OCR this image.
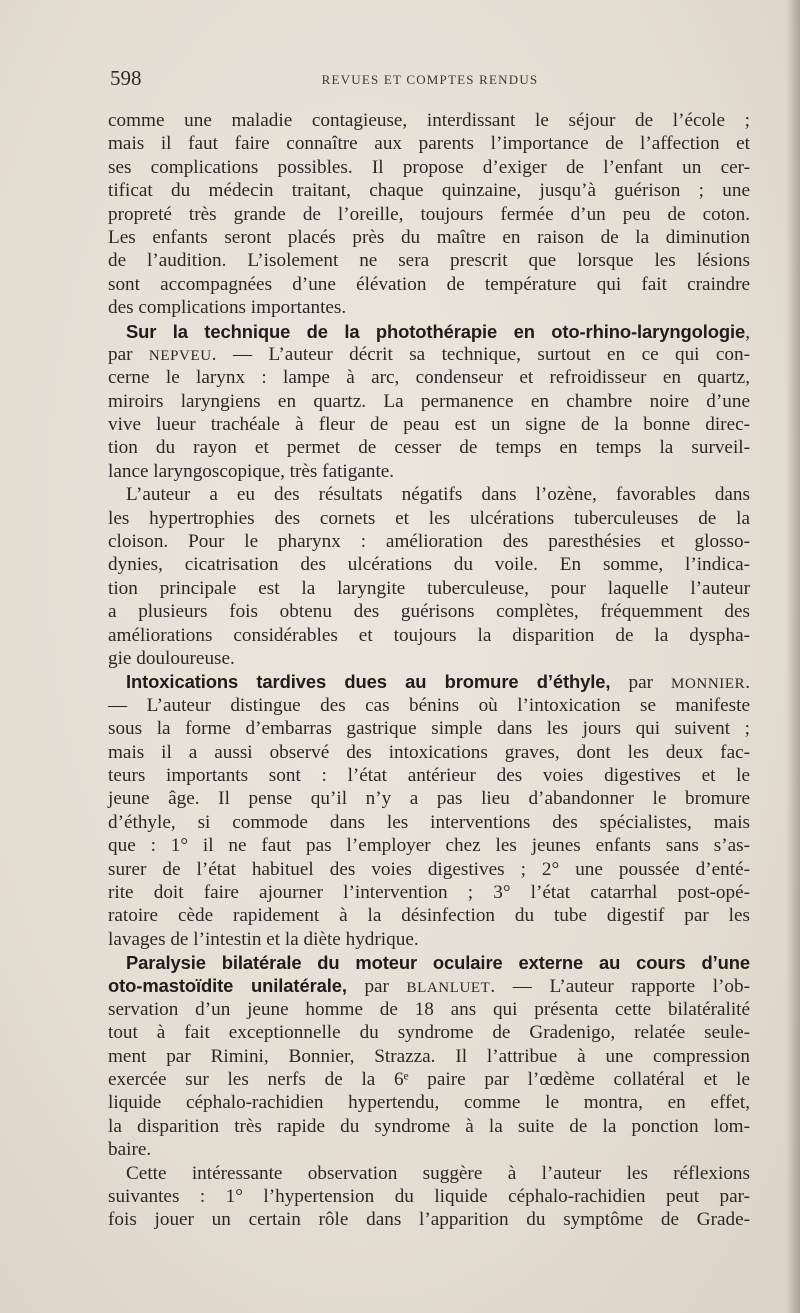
598	REVUES ET COMPTES RENDUS
comme une maladie contagieuse, interdissant le séjour de l’école ;
mais il faut faire connaître aux parents l’importance de l’affection et
ses complications possibles. Il propose d’exiger de l’enfant un cer-
tificat du médecin traitant, chaque quinzaine, jusqu’à guérison ; une
propreté très grande de l’oreille, toujours fermée d’un peu de coton.
Les enfants seront placés près du maître en raison de la diminution
de l’audition. L’isolement ne sera prescrit que lorsque les lésions
sont accompagnées d’une élévation de température qui fait craindre
des complications importantes.
Sur la technique de la photothérapie en oto-rhino-laryngologie,
par NEPVEU. — L’auteur décrit sa technique, surtout en ce qui con-
cerne le larynx : lampe à arc, condenseur et refroidisseur en quartz,
miroirs laryngiens en quartz. La permanence en chambre noire d’une
vive lueur trachéale à fleur de peau est un signe de la bonne direc-
tion du rayon et permet de cesser de temps en temps la surveil-
lance laryngoscopique, très fatigante.
L’auteur a eu des résultats négatifs dans l’ozène, favorables dans
les hypertrophies des cornets et les ulcérations tuberculeuses de la
cloison. Pour le pharynx : amélioration des paresthésies et glosso-
dynies, cicatrisation des ulcérations du voile. En somme, l’indica-
tion principale est la laryngite tuberculeuse, pour laquelle l’auteur
a plusieurs fois obtenu des guérisons complètes, fréquemment des
améliorations considérables et toujours la disparition de la dyspha-
gie douloureuse.
Intoxications tardives dues au bromure d’éthyle, par MONNIER.
— L’auteur distingue des cas bénins où l’intoxication se manifeste
sous la forme d’embarras gastrique simple dans les jours qui suivent ;
mais il a aussi observé des intoxications graves, dont les deux fac-
teurs importants sont : l’état antérieur des voies digestives et le
jeune âge. Il pense qu’il n’y a pas lieu d’abandonner le bromure
d’éthyle, si commode dans les interventions des spécialistes, mais
que : 1° il ne faut pas l’employer chez les jeunes enfants sans s’as-
surer de l’état habituel des voies digestives ; 2° une poussée d’enté-
rite doit faire ajourner l’intervention ; 3° l’état catarrhal post-opé-
ratoire cède rapidement à la désinfection du tube digestif par les
lavages de l’intestin et la diète hydrique.
Paralysie bilatérale du moteur oculaire externe au cours d’une
oto-mastoïdite unilatérale, par BLANLUET. — L’auteur rapporte l’ob-
servation d’un jeune homme de 18 ans qui présenta cette bilatéralité
tout à fait exceptionnelle du syndrome de Gradenigo, relatée seule-
ment par Rimini, Bonnier, Strazza. Il l’attribue à une compression
exercée sur les nerfs de la 6ᵉ paire par l’œdème collatéral et le
liquide céphalo-rachidien hypertendu, comme le montra, en effet,
la disparition très rapide du syndrome à la suite de la ponction lom-
baire.
Cette intéressante observation suggère à l’auteur les réflexions
suivantes : 1° l’hypertension du liquide céphalo-rachidien peut par-
fois jouer un certain rôle dans l’apparition du symptôme de Grade-
